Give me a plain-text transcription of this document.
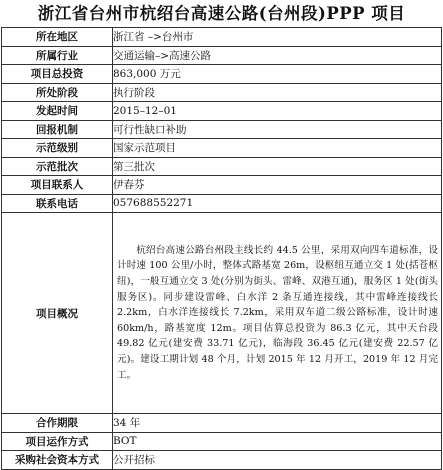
浙江省台州市杭绍台高速公路(台州段)PPP 项目
所在地区	浙江省 –>台州市
所属行业	交通运输–>高速公路
项目总投资	863,000 万元
所处阶段	执行阶段
发起时间	2015–12–01
回报机制	可行性缺口补助
示范级别	国家示范项目
示范批次	第三批次
项目联系人	伊春芬
联系电话	057688552271
项目概况	杭绍台高速公路台州段主线长约 44.5 公里，采用双向四车道标准，设计时速 100 公里/小时，整体式路基宽 26m，设枢纽互通立交 1 处(括苍枢纽)，一般互通立交 3 处(分别为街头、雷峰、双港互通)，服务区 1 处(街头服务区)。同步建设雷峰、白水洋 2 条互通连接线，其中雷峰连接线长 2.2km，白水洋连接线长 7.2km，采用双车道二级公路标准，设计时速 60km/h，路基宽度 12m。项目估算总投资为 86.3 亿元，其中天台段 49.82 亿元(建安费 33.71 亿元)，临海段 36.45 亿元(建安费 22.57 亿元)。建设工期计划 48 个月，计划 2015 年 12 月开工，2019 年 12 月完工。
合作期限	34 年
项目运作方式	BOT
采购社会资本方式	公开招标
